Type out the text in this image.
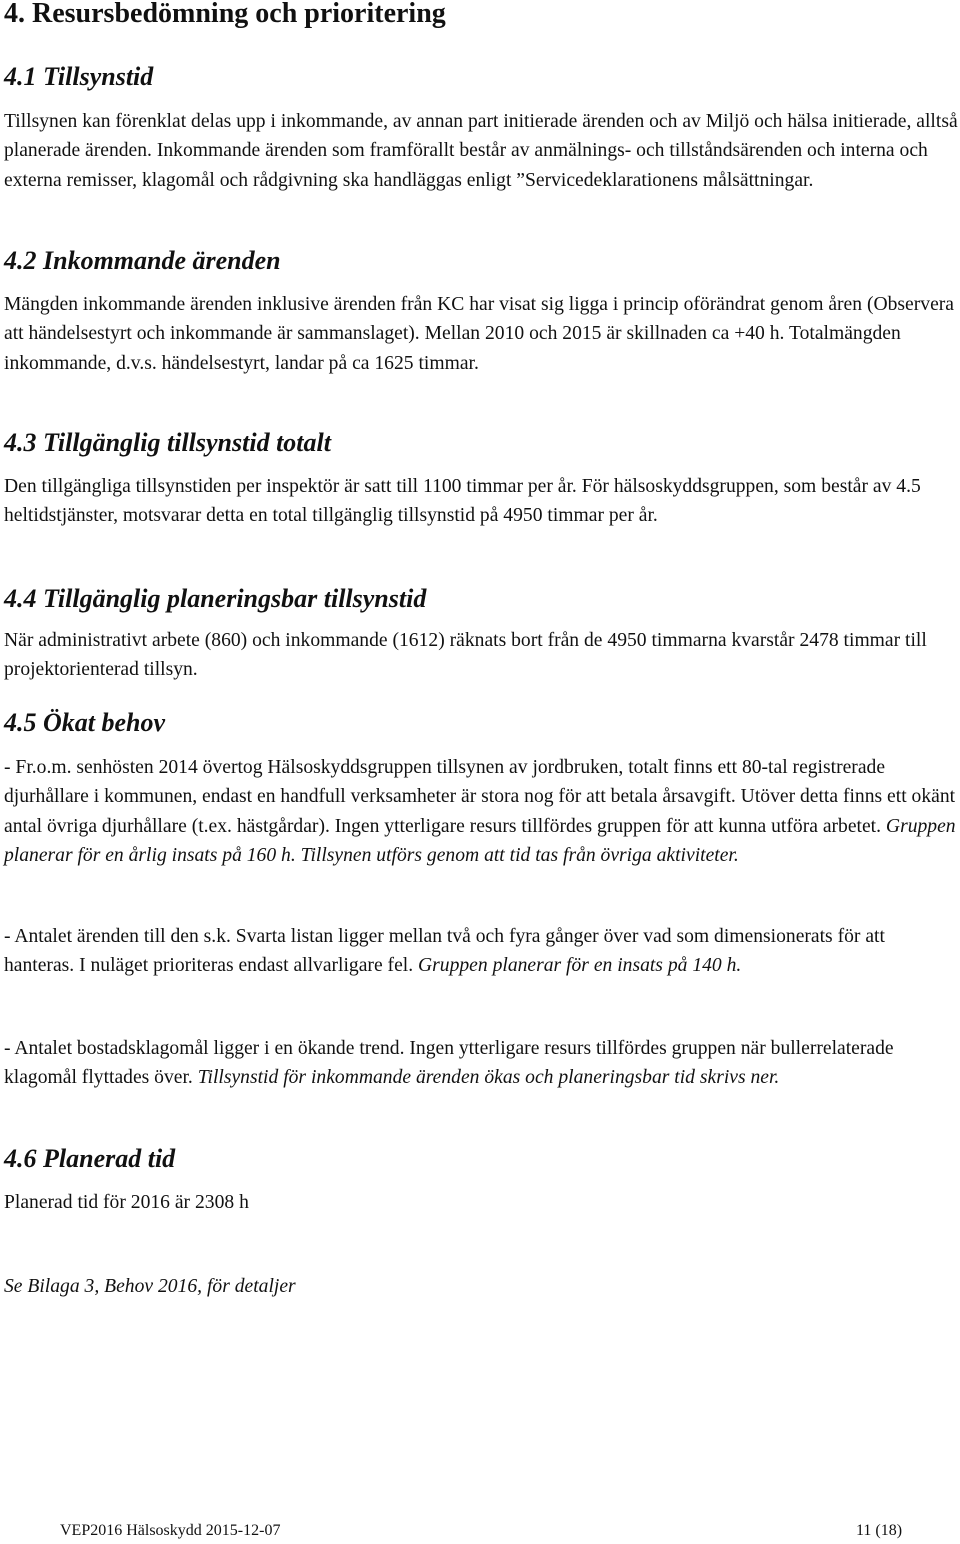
4. Resursbedömning och prioritering
4.1 Tillsynstid

Tillsynen kan förenklat delas upp i inkommande, av annan part initierade ärenden och av Miljö och hälsa initierade, alltså planerade ärenden. Inkommande ärenden som framförallt består av anmälnings- och tillståndsärenden och interna och externa remisser, klagomål och rådgivning ska handläggas enligt ”Servicedeklarationens målsättningar.

4.2 Inkommande ärenden

Mängden inkommande ärenden inklusive ärenden från KC har visat sig ligga i princip oförändrat genom åren (Observera att händelsestyrt och inkommande är sammanslaget). Mellan 2010 och 2015 är skillnaden ca +40 h. Totalmängden inkommande, d.v.s. händelsestyrt, landar på ca 1625 timmar.

4.3 Tillgänglig tillsynstid totalt

Den tillgängliga tillsynstiden per inspektör är satt till 1100 timmar per år. För hälsoskyddsgruppen, som består av 4.5 heltidstjänster, motsvarar detta en total tillgänglig tillsynstid på 4950 timmar per år.

4.4 Tillgänglig planeringsbar tillsynstid

När administrativt arbete (860) och inkommande (1612) räknats bort från de 4950 timmarna kvarstår 2478 timmar till projektorienterad tillsyn.

4.5 Ökat behov

- Fr.o.m. senhösten 2014 övertog Hälsoskyddsgruppen tillsynen av jordbruken, totalt finns ett 80-tal registrerade djurhållare i kommunen, endast en handfull verksamheter är stora nog för att betala årsavgift. Utöver detta finns ett okänt antal övriga djurhållare (t.ex. hästgårdar). Ingen ytterligare resurs tillfördes gruppen för att kunna utföra arbetet. Gruppen planerar för en årlig insats på 160 h. Tillsynen utförs genom att tid tas från övriga aktiviteter.

- Antalet ärenden till den s.k. Svarta listan ligger mellan två och fyra gånger över vad som dimensionerats för att hanteras. I nuläget prioriteras endast allvarligare fel. Gruppen planerar för en insats på 140 h.

- Antalet bostadsklagomål ligger i en ökande trend. Ingen ytterligare resurs tillfördes gruppen när bullerrelaterade klagomål flyttades över. Tillsynstid för inkommande ärenden ökas och planeringsbar tid skrivs ner.

4.6 Planerad tid

Planerad tid för 2016 är 2308 h

Se Bilaga 3, Behov 2016, för detaljer

VEP2016 Hälsoskydd 2015-12-07	11 (18)
